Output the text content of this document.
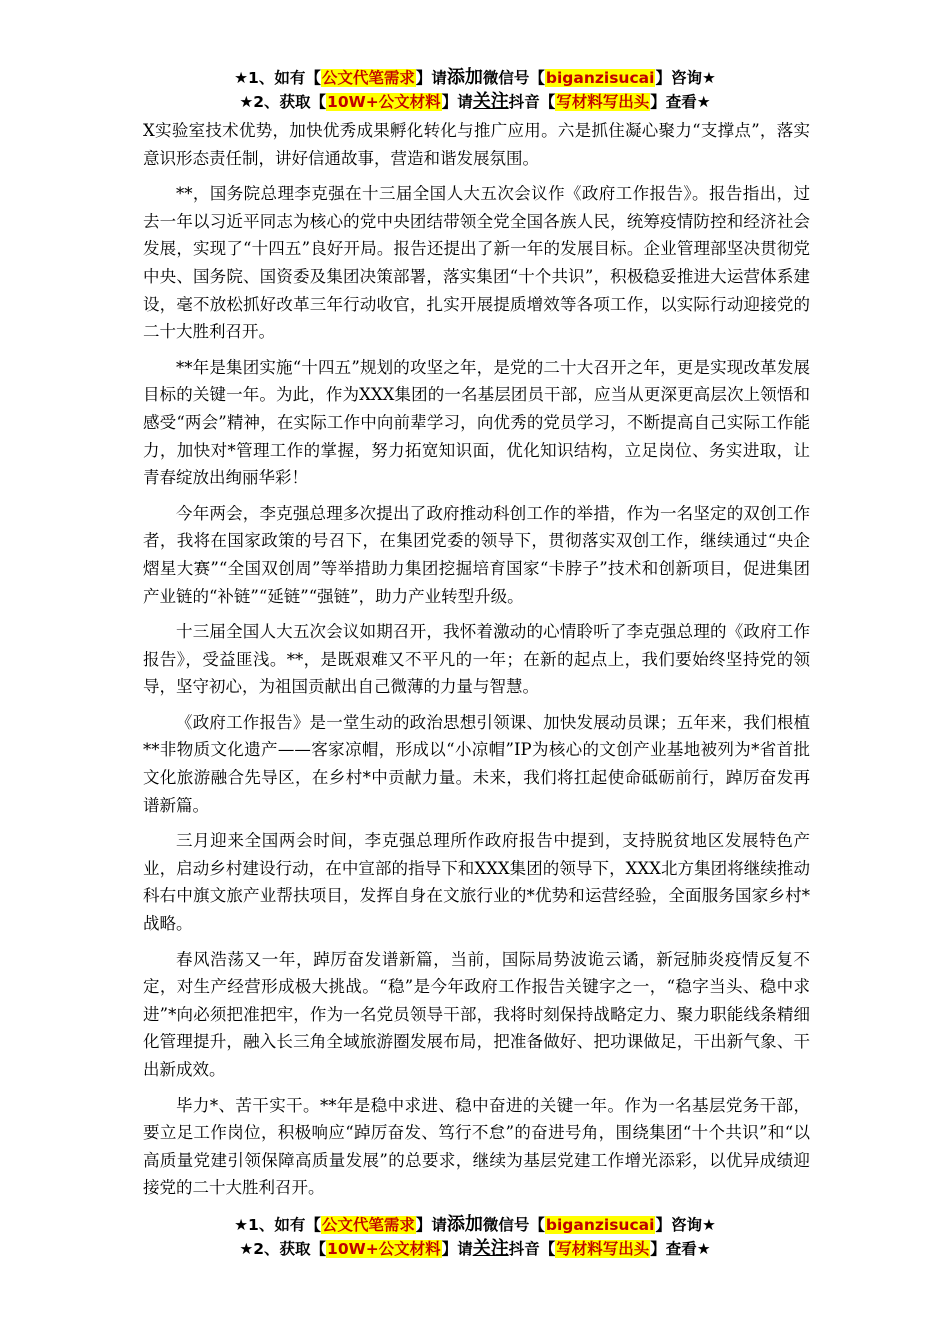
★1、如有【公文代笔需求】请添加微信号【biganzisucai】咨询★
★2、获取【10W+公文材料】请关注抖音【写材料写出头】查看★

X实验室技术优势，加快优秀成果孵化转化与推广应用。六是抓住凝心聚力“支撑点”，落实意识形态责任制，讲好信通故事，营造和谐发展氛围。

**，国务院总理李克强在十三届全国人大五次会议作《政府工作报告》。报告指出，过去一年以习近平同志为核心的党中央团结带领全党全国各族人民，统筹疫情防控和经济社会发展，实现了“十四五”良好开局。报告还提出了新一年的发展目标。企业管理部坚决贯彻党中央、国务院、国资委及集团决策部署，落实集团“十个共识”，积极稳妥推进大运营体系建设，毫不放松抓好改革三年行动收官，扎实开展提质增效等各项工作，以实际行动迎接党的二十大胜利召开。

**年是集团实施“十四五”规划的攻坚之年，是党的二十大召开之年，更是实现改革发展目标的关键一年。为此，作为XXX集团的一名基层团员干部，应当从更深更高层次上领悟和感受“两会”精神，在实际工作中向前辈学习，向优秀的党员学习，不断提高自己实际工作能力，加快对*管理工作的掌握，努力拓宽知识面，优化知识结构，立足岗位、务实进取，让青春绽放出绚丽华彩！

今年两会，李克强总理多次提出了政府推动科创工作的举措，作为一名坚定的双创工作者，我将在国家政策的号召下，在集团党委的领导下，贯彻落实双创工作，继续通过“央企熠星大赛”“全国双创周”等举措助力集团挖掘培育国家“卡脖子”技术和创新项目，促进集团产业链的“补链”“延链”“强链”，助力产业转型升级。

十三届全国人大五次会议如期召开，我怀着激动的心情聆听了李克强总理的《政府工作报告》，受益匪浅。**，是既艰难又不平凡的一年；在新的起点上，我们要始终坚持党的领导，坚守初心，为祖国贡献出自己微薄的力量与智慧。

《政府工作报告》是一堂生动的政治思想引领课、加快发展动员课；五年来，我们根植**非物质文化遗产——客家凉帽，形成以“小凉帽”IP为核心的文创产业基地被列为*省首批文化旅游融合先导区，在乡村*中贡献力量。未来，我们将扛起使命砥砺前行，踔厉奋发再谱新篇。

三月迎来全国两会时间，李克强总理所作政府报告中提到，支持脱贫地区发展特色产业，启动乡村建设行动，在中宣部的指导下和XXX集团的领导下，XXX北方集团将继续推动科右中旗文旅产业帮扶项目，发挥自身在文旅行业的*优势和运营经验，全面服务国家乡村*战略。

春风浩荡又一年，踔厉奋发谱新篇，当前，国际局势波诡云谲，新冠肺炎疫情反复不定，对生产经营形成极大挑战。“稳”是今年政府工作报告关键字之一，“稳字当头、稳中求进”*向必须把准把牢，作为一名党员领导干部，我将时刻保持战略定力、聚力职能线条精细化管理提升，融入长三角全域旅游圈发展布局，把准备做好、把功课做足，干出新气象、干出新成效。

毕力*、苦干实干。**年是稳中求进、稳中奋进的关键一年。作为一名基层党务干部，要立足工作岗位，积极响应“踔厉奋发、笃行不怠”的奋进号角，围绕集团“十个共识”和“以高质量党建引领保障高质量发展”的总要求，继续为基层党建工作增光添彩，以优异成绩迎接党的二十大胜利召开。

★1、如有【公文代笔需求】请添加微信号【biganzisucai】咨询★
★2、获取【10W+公文材料】请关注抖音【写材料写出头】查看★
